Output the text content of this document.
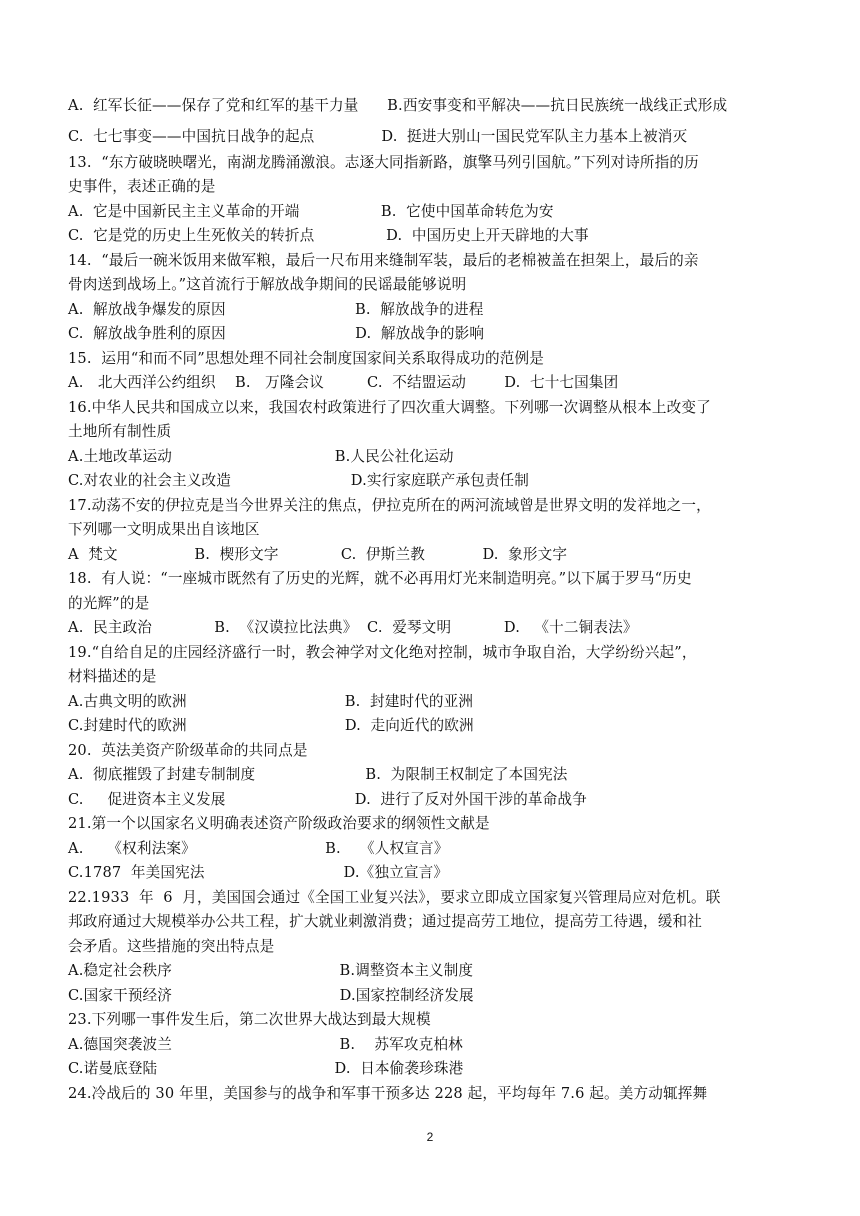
A.  红军长征——保存了党和红军的基干力量      B.西安事变和平解决——抗日民族统一战线正式形成
C.  七七事变——中国抗日战争的起点              D.  挺进大别山一国民党军队主力基本上被消灭
13.  “东方破晓映曙光，南湖龙腾涌激浪。志逐大同指新路，旗擎马列引国航。”下列对诗所指的历
史事件，表述正确的是
A.  它是中国新民主主义革命的开端                 B.  它使中国革命转危为安
C.  它是党的历史上生死攸关的转折点               D.  中国历史上开天辟地的大事
14.  “最后一碗米饭用来做军粮，最后一尺布用来缝制军装，最后的老棉被盖在担架上，最后的亲
骨肉送到战场上。”这首流行于解放战争期间的民谣最能够说明
A.  解放战争爆发的原因                           B.  解放战争的进程
C.  解放战争胜利的原因                           D.  解放战争的影响
15.  运用“和而不同”思想处理不同社会制度国家间关系取得成功的范例是
A.   北大西洋公约组织    B.   万隆会议         C.  不结盟运动        D.  七十七国集团
16.中华人民共和国成立以来，我国农村政策进行了四次重大调整。下列哪一次调整从根本上改变了
土地所有制性质
A.土地改革运动                                  B.人民公社化运动
C.对农业的社会主义改造                         D.实行家庭联产承包责任制
17.动荡不安的伊拉克是当今世界关注的焦点，伊拉克所在的两河流域曾是世界文明的发祥地之一，
下列哪一文明成果出自该地区
A  梵文                B.  楔形文字             C.  伊斯兰教            D.  象形文字
18.  有人说：“一座城市既然有了历史的光辉，就不必再用灯光来制造明亮。”以下属于罗马“历史
的光辉”的是
A.  民主政治             B.  《汉谟拉比法典》  C.  爱琴文明           D.   《十二铜表法》
19.“自给自足的庄园经济盛行一时，教会神学对文化绝对控制，城市争取自治，大学纷纷兴起”，
材料描述的是
A.古典文明的欧洲                                 B.  封建时代的亚洲
C.封建时代的欧洲                                 D.  走向近代的欧洲
20.  英法美资产阶级革命的共同点是
A.  彻底摧毁了封建专制制度                       B.  为限制王权制定了本国宪法
C.     促进资本主义发展                           D.  进行了反对外国干涉的革命战争
21.第一个以国家名义明确表述资产阶级政治要求的纲领性文献是
A.     《权利法案》                           B.    《人权宣言》
C.1787  年美国宪法                             D.《独立宣言》
22.1933  年  6  月，美国国会通过《全国工业复兴法》，要求立即成立国家复兴管理局应对危机。联
邦政府通过大规模举办公共工程，扩大就业刺激消费；通过提高劳工地位，提高劳工待遇，缓和社
会矛盾。这些措施的突出特点是
A.稳定社会秩序                                   B.调整资本主义制度
C.国家干预经济                                   D.国家控制经济发展
23.下列哪一事件发生后，第二次世界大战达到最大规模
A.德国突袭波兰                                   B.    苏军攻克柏林
C.诺曼底登陆                                     D.  日本偷袭珍珠港
24.冷战后的 30 年里，美国参与的战争和军事干预多达 228 起，平均每年 7.6 起。美方动辄挥舞
2
